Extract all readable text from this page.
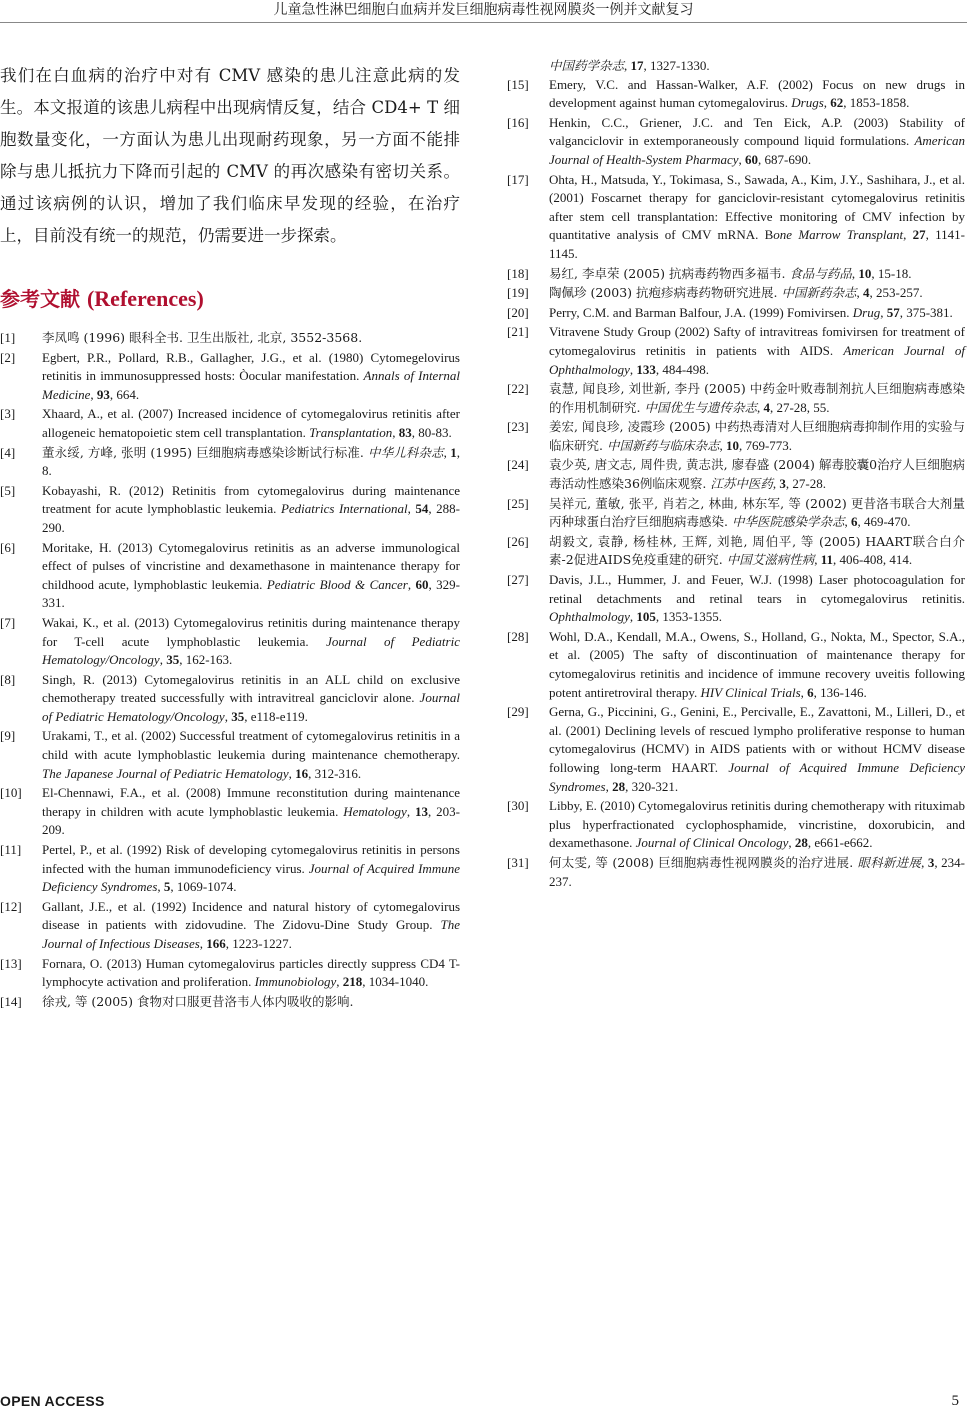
儿童急性淋巴细胞白血病并发巨细胞病毒性视网膜炎一例并文献复习

我们在白血病的治疗中对有 CMV 感染的患儿注意此病的发生。本文报道的该患儿病程中出现病情反复，结合 CD4+ T 细胞数量变化，一方面认为患儿出现耐药现象，另一方面不能排除与患儿抵抗力下降而引起的 CMV 的再次感染有密切关系。通过该病例的认识，增加了我们临床早发现的经验，在治疗上，目前没有统一的规范，仍需要进一步探索。

参考文献 (References)
[1]	李凤鸣 (1996) 眼科全书. 卫生出版社, 北京, 3552-3568.
[2]	Egbert, P.R., Pollard, R.B., Gallagher, J.G., et al. (1980) Cytomegelovirus retinitis in immunosuppressed hosts: Òocular manifestation. Annals of Internal Medicine, 93, 664.
[3]	Xhaard, A., et al. (2007) Increased incidence of cytomegalovirus retinitis after allogeneic hematopoietic stem cell transplantation. Transplantation, 83, 80-83.
[4]	董永绥, 方峰, 张明 (1995) 巨细胞病毒感染诊断试行标准. 中华儿科杂志, 1, 8.
[5]	Kobayashi, R. (2012) Retinitis from cytomegalovirus during maintenance treatment for acute lymphoblastic leukemia. Pediatrics International, 54, 288-290.
[6]	Moritake, H. (2013) Cytomegalovirus retinitis as an adverse immunological effect of pulses of vincristine and dexamethasone in maintenance therapy for childhood acute, lymphoblastic leukemia. Pediatric Blood & Cancer, 60, 329-331.
[7]	Wakai, K., et al. (2013) Cytomegalovirus retinitis during maintenance therapy for T-cell acute lymphoblastic leukemia. Journal of Pediatric Hematology/Oncology, 35, 162-163.
[8]	Singh, R. (2013) Cytomegalovirus retinitis in an ALL child on exclusive chemotherapy treated successfully with intravitreal ganciclovir alone. Journal of Pediatric Hematology/Oncology, 35, e118-e119.
[9]	Urakami, T., et al. (2002) Successful treatment of cytomegalovirus retinitis in a child with acute lymphoblastic leukemia during maintenance chemotherapy. The Japanese Journal of Pediatric Hematology, 16, 312-316.
[10]	El-Chennawi, F.A., et al. (2008) Immune reconstitution during maintenance therapy in children with acute lymphoblastic leukemia. Hematology, 13, 203-209.
[11]	Pertel, P., et al. (1992) Risk of developing cytomegalovirus retinitis in persons infected with the human immunodeficiency virus. Journal of Acquired Immune Deficiency Syndromes, 5, 1069-1074.
[12]	Gallant, J.E., et al. (1992) Incidence and natural history of cytomegalovirus disease in patients with zidovudine. The Zidovu-Dine Study Group. The Journal of Infectious Diseases, 166, 1223-1227.
[13]	Fornara, O. (2013) Human cytomegalovirus particles directly suppress CD4 T-lymphocyte activation and proliferation. Immunobiology, 218, 1034-1040.
[14]	徐戎, 等 (2005) 食物对口服更昔洛韦人体内吸收的影响.
中国药学杂志, 17, 1327-1330.
[15]	Emery, V.C. and Hassan-Walker, A.F. (2002) Focus on new drugs in development against human cytomegalovirus. Drugs, 62, 1853-1858.
[16]	Henkin, C.C., Griener, J.C. and Ten Eick, A.P. (2003) Stability of valganciclovir in extemporaneously compound liquid formulations. American Journal of Health-System Pharmacy, 60, 687-690.
[17]	Ohta, H., Matsuda, Y., Tokimasa, S., Sawada, A., Kim, J.Y., Sashihara, J., et al. (2001) Foscarnet therapy for ganciclovir-resistant cytomegalovirus retinitis after stem cell transplantation: Effective monitoring of CMV infection by quantitative analysis of CMV mRNA. Bone Marrow Transplant, 27, 1141-1145.
[18]	易红, 李卓荣 (2005) 抗病毒药物西多福韦. 食品与药品, 10, 15-18.
[19]	陶佩珍 (2003) 抗疱疹病毒药物研究进展. 中国新药杂志, 4, 253-257.
[20]	Perry, C.M. and Barman Balfour, J.A. (1999) Fomivirsen. Drug, 57, 375-381.
[21]	Vitravene Study Group (2002) Safty of intravitreas fomivirsen for treatment of cytomegalovirus retinitis in patients with AIDS. American Journal of Ophthalmology, 133, 484-498.
[22]	袁慧, 闻良珍, 刘世新, 李丹 (2005) 中药金叶败毒制剂抗人巨细胞病毒感染的作用机制研究. 中国优生与遗传杂志, 4, 27-28, 55.
[23]	姜宏, 闻良珍, 凌霞珍 (2005) 中药热毒清对人巨细胞病毒抑制作用的实验与临床研究. 中国新药与临床杂志, 10, 769-773.
[24]	袁少英, 唐文志, 周件贵, 黄志洪, 廖春盛 (2004) 解毒胶囊0治疗人巨细胞病毒活动性感染36例临床观察. 江苏中医药, 3, 27-28.
[25]	吴祥元, 董敏, 张平, 肖若之, 林曲, 林东军, 等 (2002) 更昔洛韦联合大剂量丙种球蛋白治疗巨细胞病毒感染. 中华医院感染学杂志, 6, 469-470.
[26]	胡毅文, 袁静, 杨桂林, 王辉, 刘艳, 周伯平, 等 (2005) HAART联合白介素-2促进AIDS免疫重建的研究. 中国艾滋病性病, 11, 406-408, 414.
[27]	Davis, J.L., Hummer, J. and Feuer, W.J. (1998) Laser photocoagulation for retinal detachments and retinal tears in cytomegalovirus retinitis. Ophthalmology, 105, 1353-1355.
[28]	Wohl, D.A., Kendall, M.A., Owens, S., Holland, G., Nokta, M., Spector, S.A., et al. (2005) The safty of discontinuation of maintenance therapy for cytomegalovirus retinitis and incidence of immune recovery uveitis following potent antiretroviral therapy. HIV Clinical Trials, 6, 136-146.
[29]	Gerna, G., Piccinini, G., Genini, E., Percivalle, E., Zavattoni, M., Lilleri, D., et al. (2001) Declining levels of rescued lympho proliferative response to human cytomegalovirus (HCMV) in AIDS patients with or without HCMV disease following long-term HAART. Journal of Acquired Immune Deficiency Syndromes, 28, 320-321.
[30]	Libby, E. (2010) Cytomegalovirus retinitis during chemotherapy with rituximab plus hyperfractionated cyclophosphamide, vincristine, doxorubicin, and dexamethasone. Journal of Clinical Oncology, 28, e661-e662.
[31]	何太雯, 等 (2008) 巨细胞病毒性视网膜炎的治疗进展. 眼科新进展, 3, 234-237.
OPEN ACCESS	5
